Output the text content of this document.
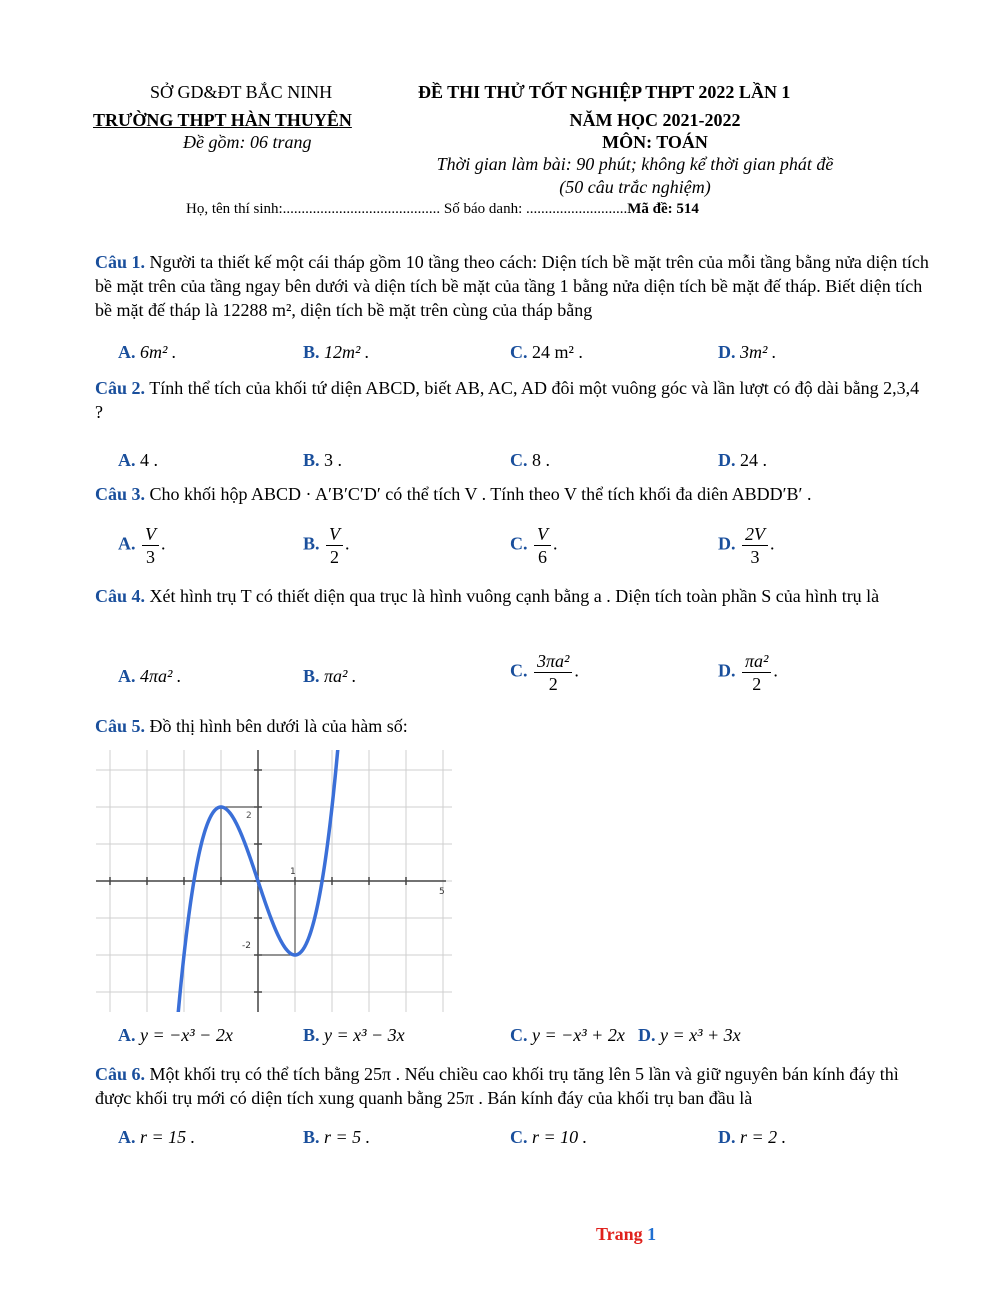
SỞ GD&ĐT BẮC NINH
TRƯỜNG THPT HÀN THUYÊN
Đề gồm: 06 trang
ĐỀ THI THỬ TỐT NGHIỆP THPT 2022 LẦN 1
NĂM HỌC 2021-2022
MÔN: TOÁN
Thời gian làm bài: 90 phút; không kể thời gian phát đề
(50 câu trắc nghiệm)
Họ, tên thí sinh:.......................................... Số báo danh: ...........................Mã đề: 514
Câu 1. Người ta thiết kế một cái tháp gồm 10 tầng theo cách: Diện tích bề mặt trên của mỗi tầng bằng nửa diện tích bề mặt trên của tầng ngay bên dưới và diện tích bề mặt của tầng 1 bằng nửa diện tích bề mặt đế tháp. Biết diện tích bề mặt đế tháp là 12288 m², diện tích bề mặt trên cùng của tháp bằng
A. 6m² .	B. 12m² .	C. 24 m² .	D. 3m² .
Câu 2. Tính thể tích của khối tứ diện ABCD, biết AB, AC, AD đôi một vuông góc và lần lượt có độ dài bằng 2,3,4 ?
A. 4 .	B. 3 .	C. 8 .	D. 24 .
Câu 3. Cho khối hộp ABCD · A′B′C′D′ có thể tích V . Tính theo V thể tích khối đa diên ABDD′B′ .
A. $\frac{V}{3}$ .	B. $\frac{V}{2}$ .	C. $\frac{V}{6}$ .	D. $\frac{2V}{3}$ .
Câu 4. Xét hình trụ T có thiết diện qua trục là hình vuông cạnh bằng a . Diện tích toàn phần S của hình trụ là
A. 4πa² .	B. πa² .	C. $\frac{\text{3πa²}}{2}$ .	D. $\frac{\text{πa²}}{2}$ .
Câu 5. Đồ thị hình bên dưới là của hàm số:
2
1
5
-2
A. y = −x³ − 2x	B. y = x³ − 3x	C. y = −x³ + 2x D. y = x³ + 3x
Câu 6. Một khối trụ có thể tích bằng 25π . Nếu chiều cao khối trụ tăng lên 5 lần và giữ nguyên bán kính đáy thì được khối trụ mới có diện tích xung quanh bằng 25π . Bán kính đáy của khối trụ ban đầu là
A. r = 15 .	B. r = 5 .	C. r = 10 .	D. r = 2 .
Trang 1
